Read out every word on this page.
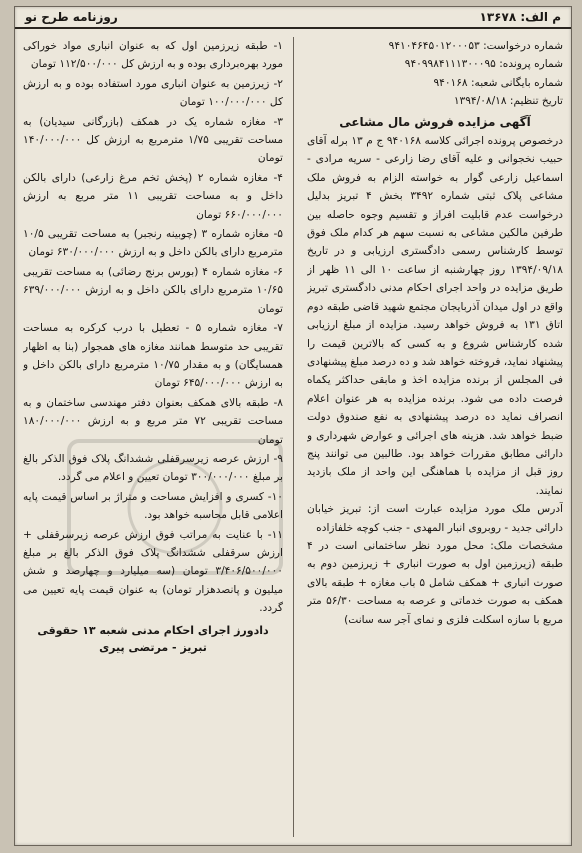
روزنامه طرح نو	م الف: ۱۳۶۷۸
شماره درخواست: ۹۴۱۰۴۶۴۵۰۱۲۰۰۰۵۳
شماره پرونده: ۹۴۰۹۹۸۴۱۱۱۳۰۰۰۹۵
شماره بایگانی شعبه: ۹۴۰۱۶۸
تاریخ تنظیم: ۱۳۹۴/۰۸/۱۸
آگهی مزایده فروش مال مشاعی

درخصوص پرونده اجرائی کلاسه ۹۴۰۱۶۸ ج م ۱۳ برله آقای حبیب نخجوانی و علیه آقای رضا زارعی - سریه مرادی - اسماعیل زارعی گوار به خواسته الزام به فروش ملک مشاعی پلاک ثبتی شماره ۳۴۹۲ بخش ۴ تبریز بدلیل درخواست عدم قابلیت افراز و تقسیم وجوه حاصله بین طرفین مالکین مشاعی به نسبت سهم هر کدام ملک فوق توسط کارشناس رسمی دادگستری ارزیابی و در تاریخ ۱۳۹۴/۰۹/۱۸ روز چهارشنبه از ساعت ۱۰ الی ۱۱ ظهر از طریق مزایده در واحد اجرای احکام مدنی دادگستری تبریز واقع در اول میدان آذربایجان مجتمع شهید قاضی طبقه دوم اتاق ۱۳۱ به فروش خواهد رسید. مزایده از مبلغ ارزیابی شده کارشناس شروع و به کسی که بالاترین قیمت را پیشنهاد نماید، فروخته خواهد شد و ده درصد مبلغ پیشنهادی فی المجلس از برنده مزایده اخذ و مابقی حداکثر یکماه فرصت داده می شود. برنده مزایده به هر عنوان اعلام انصراف نماید ده درصد پیشنهادی به نفع صندوق دولت ضبط خواهد شد. هزینه های اجرائی و عوارض شهرداری و دارائی مطابق مقررات خواهد بود. طالبین می توانند پنج روز قبل از مزایده با هماهنگی این واحد از ملک بازدید نمایند.

آدرس ملک مورد مزایده عبارت است از: تبریز خیابان دارائی جدید - روبروی انبار المهدی - جنب کوچه خلفازاده

مشخصات ملک: محل مورد نظر ساختمانی است در ۴ طبقه (زیرزمین اول به صورت انباری + زیرزمین دوم به صورت انباری + همکف شامل ۵ باب مغازه + طبقه بالای همکف به صورت خدماتی و عرصه به مساحت ۵۶/۳۰ متر مربع با سازه اسکلت فلزی و نمای آجر سه سانت)

۱- طبقه زیرزمین اول که به عنوان انباری مواد خوراکی مورد بهره‌برداری بوده و به ارزش کل ۱۱۲/۵۰۰/۰۰۰ تومان

۲- زیرزمین به عنوان انباری مورد استفاده بوده و به ارزش کل ۱۰۰/۰۰۰/۰۰۰ تومان

۳- مغازه شماره یک در همکف (بازرگانی سیدیان) به مساحت تقریبی ۱/۷۵ مترمربع به ارزش کل ۱۴۰/۰۰۰/۰۰۰ تومان

۴- مغازه شماره ۲ (پخش تخم مرغ زارعی) دارای بالکن داخل و به مساحت تقریبی ۱۱ متر مربع به ارزش ۶۶۰/۰۰۰/۰۰۰ تومان

۵- مغازه شماره ۳ (چوبینه رنجبر) به مساحت تقریبی ۱۰/۵ مترمربع دارای بالکن داخل و به ارزش ۶۳۰/۰۰۰/۰۰۰ تومان

۶- مغازه شماره ۴ (بورس برنج رضائی) به مساحت تقریبی ۱۰/۶۵ مترمربع دارای بالکن داخل و به ارزش ۶۳۹/۰۰۰/۰۰۰ تومان

۷- مغازه شماره ۵ - تعطیل با درب کرکره به مساحت تقریبی حد متوسط همانند مغازه های همجوار (بنا به اظهار همسایگان) و به مقدار ۱۰/۷۵ مترمربع دارای بالکن داخل و به ارزش ۶۴۵/۰۰۰/۰۰۰ تومان

۸- طبقه بالای همکف بعنوان دفتر مهندسی ساختمان و به مساحت تقریبی ۷۲ متر مربع و به ارزش ۱۸۰/۰۰۰/۰۰۰ تومان

۹- ارزش عرصه زیرسرقفلی ششدانگ پلاک فوق الذکر بالغ بر مبلغ ۳۰۰/۰۰۰/۰۰۰ تومان تعیین و اعلام می گردد.

۱۰- کسری و افزایش مساحت و متراژ بر اساس قیمت پایه اعلامی قابل محاسبه خواهد بود.

۱۱- با عنایت به مراتب فوق ارزش عرصه زیرسرقفلی + ارزش سرقفلی ششدانگ پلاک فوق الذکر بالغ بر مبلغ ۳/۴۰۶/۵۰۰/۰۰۰ تومان (سه میلیارد و چهارصد و شش میلیون و پانصدهزار تومان) به عنوان قیمت پایه تعیین می گردد.

دادورز اجرای احکام مدنی شعبه ۱۳ حقوقی
تبریز - مرتضی پیری
